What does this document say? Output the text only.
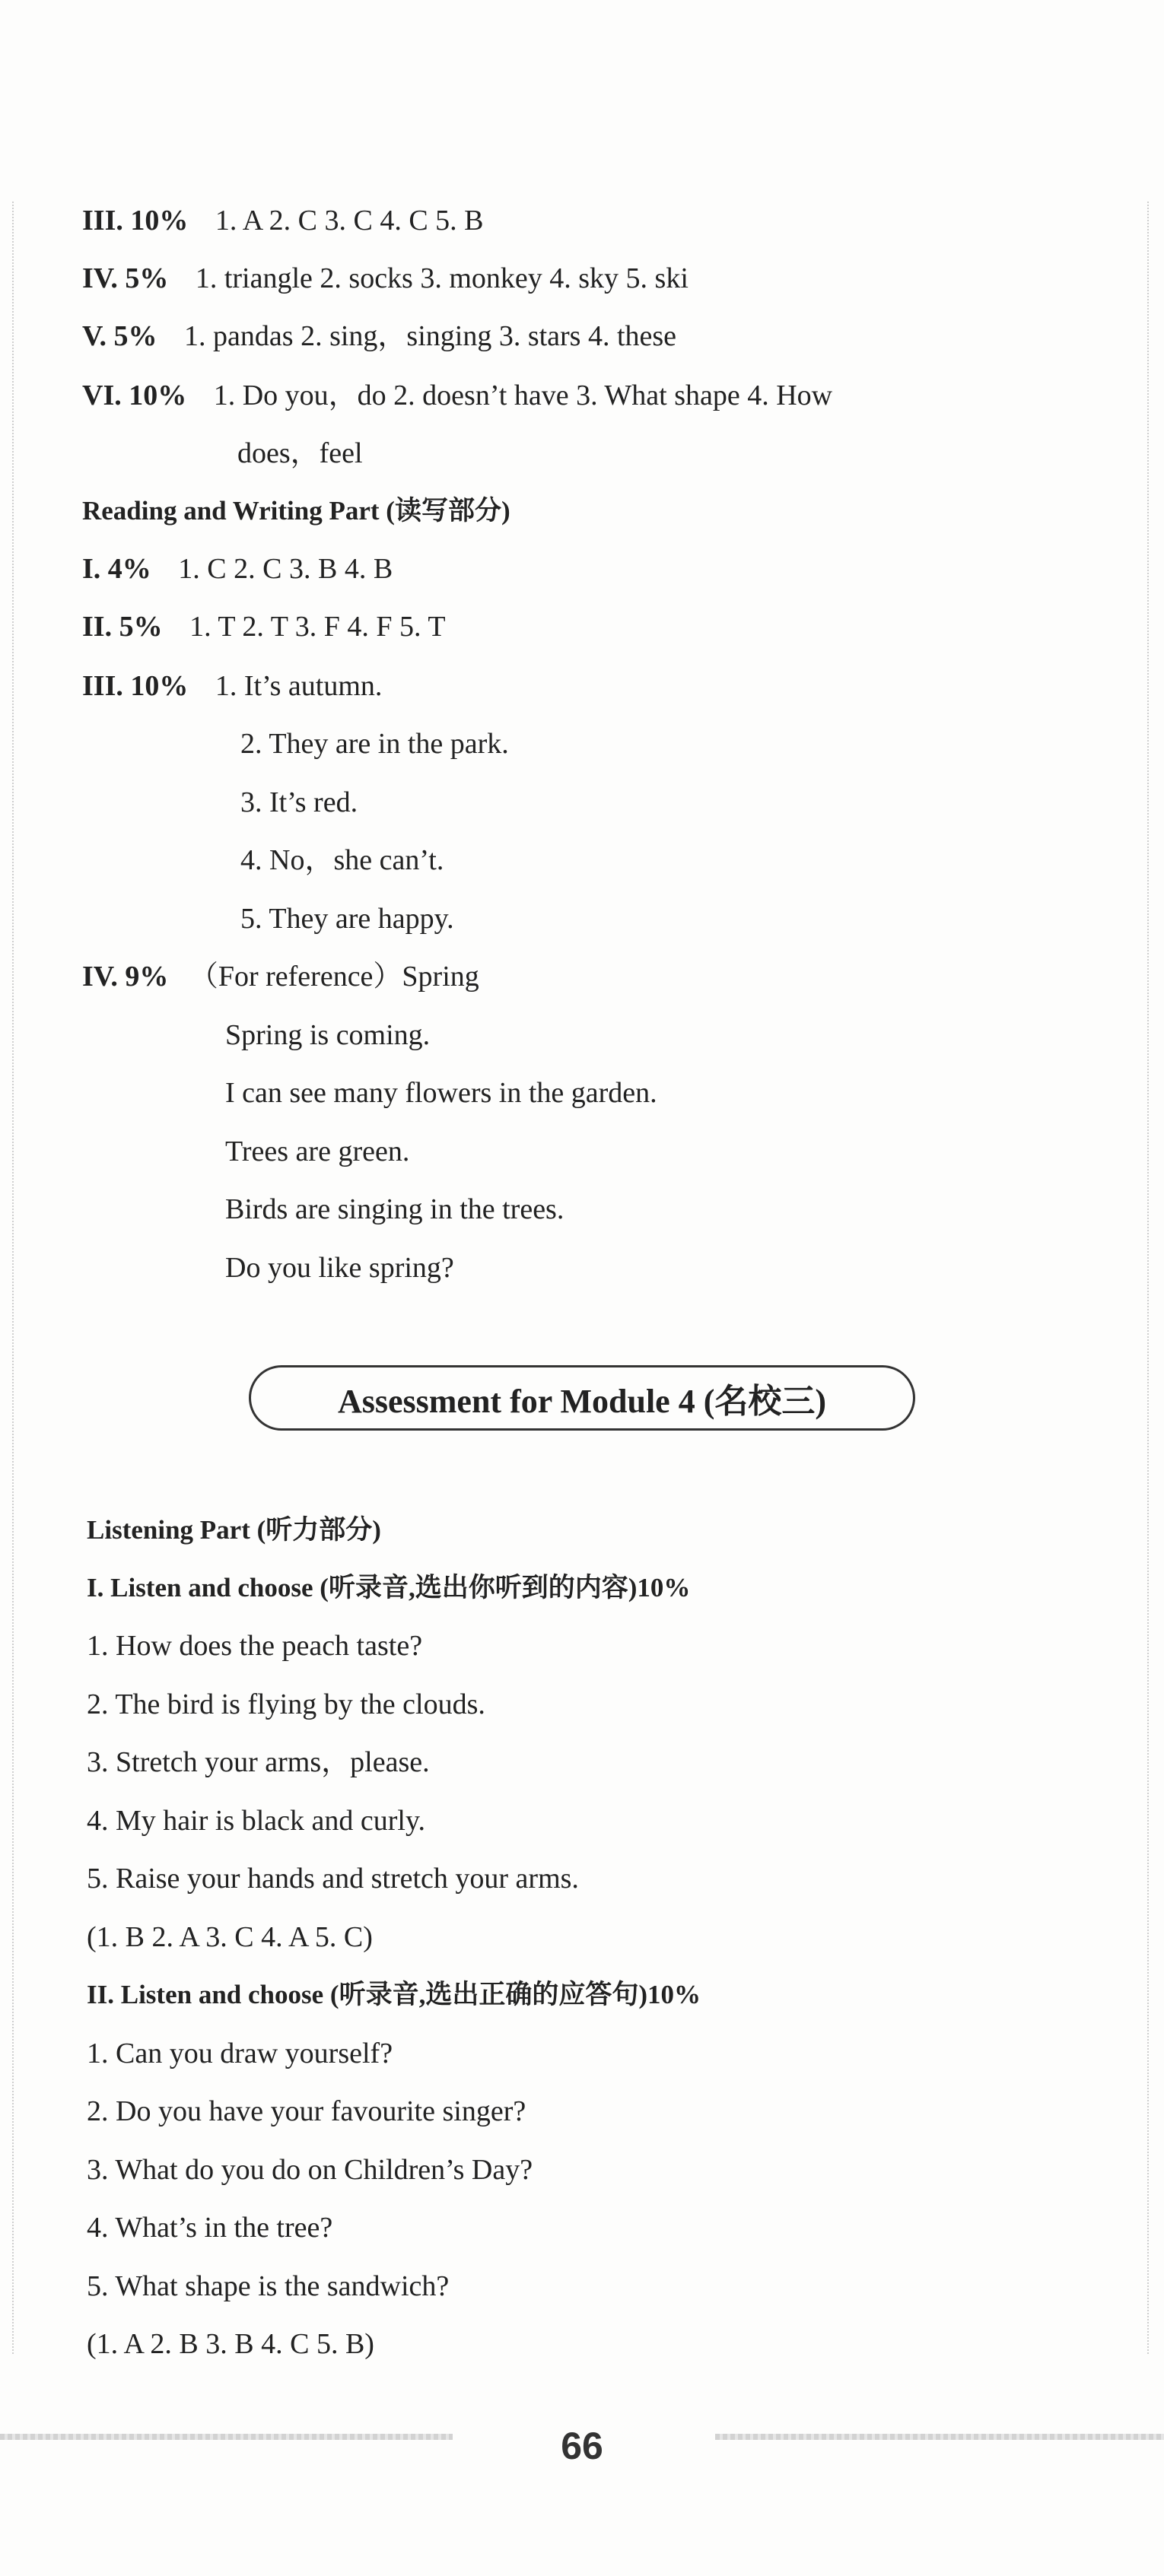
III. 10% 1. A 2. C 3. C 4. C 5. B
IV. 5% 1. triangle 2. socks 3. monkey 4. sky 5. ski
V. 5% 1. pandas 2. sing，singing 3. stars 4. these
VI. 10% 1. Do you，do 2. doesn’t have 3. What shape 4. How
does，feel
Reading and Writing Part (读写部分)
I. 4% 1. C 2. C 3. B 4. B
II. 5% 1. T 2. T 3. F 4. F 5. T
III. 10% 1. It’s autumn.
2. They are in the park.
3. It’s red.
4. No，she can’t.
5. They are happy.
IV. 9% （For reference）Spring
Spring is coming.
I can see many flowers in the garden.
Trees are green.
Birds are singing in the trees.
Do you like spring?
Assessment for Module 4 (名校三)
Listening Part (听力部分)
I. Listen and choose (听录音,选出你听到的内容)10%
1. How does the peach taste?
2. The bird is flying by the clouds.
3. Stretch your arms，please.
4. My hair is black and curly.
5. Raise your hands and stretch your arms.
(1. B 2. A 3. C 4. A 5. C)
II. Listen and choose (听录音,选出正确的应答句)10%
1. Can you draw yourself?
2. Do you have your favourite singer?
3. What do you do on Children’s Day?
4. What’s in the tree?
5. What shape is the sandwich?
(1. A 2. B 3. B 4. C 5. B)
66
